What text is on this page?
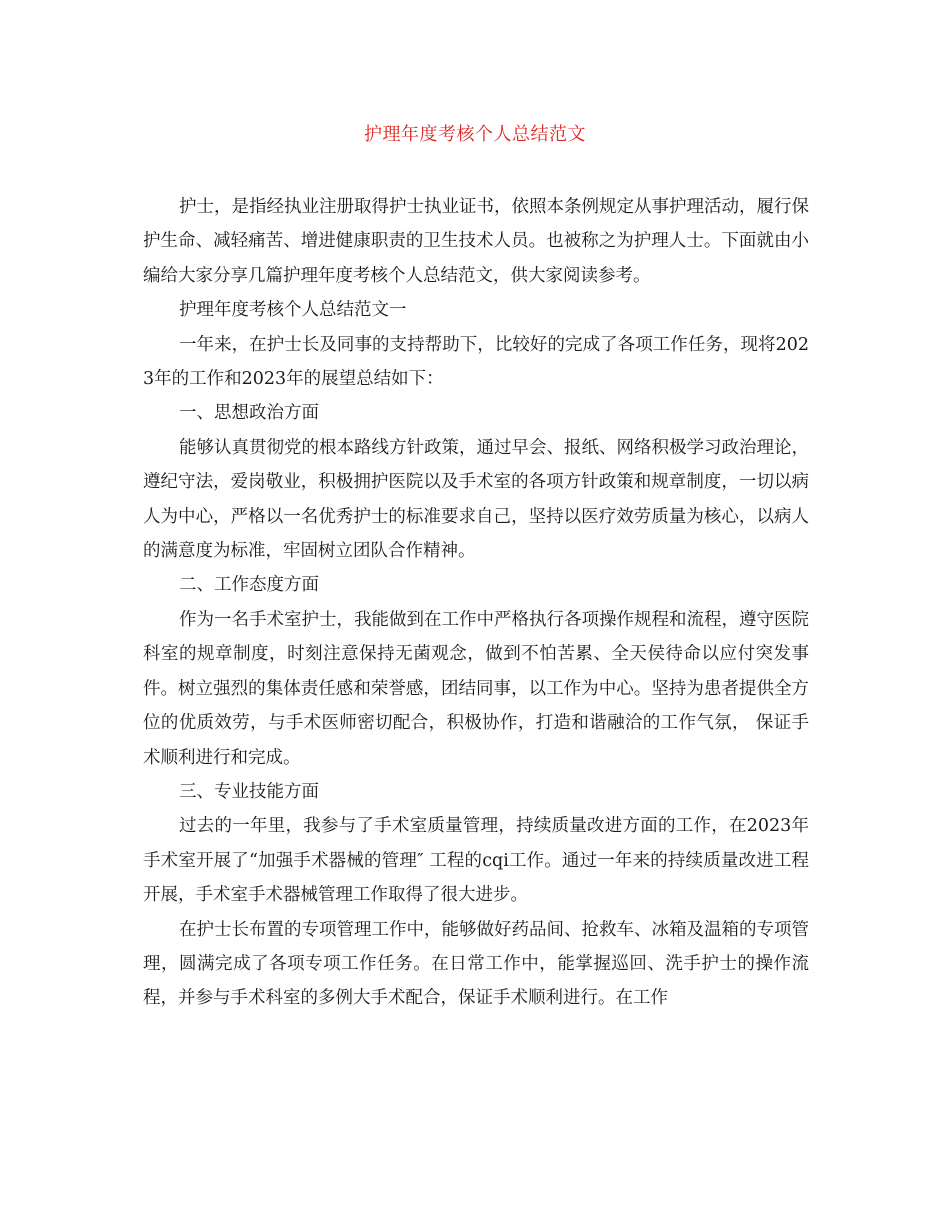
护理年度考核个人总结范文

护士，是指经执业注册取得护士执业证书，依照本条例规定从事护理活动，履行保护生命、减轻痛苦、增进健康职责的卫生技术人员。也被称之为护理人士。下面就由小编给大家分享几篇护理年度考核个人总结范文，供大家阅读参考。

护理年度考核个人总结范文一

一年来，在护士长及同事的支持帮助下，比较好的完成了各项工作任务，现将2023年的工作和2023年的展望总结如下：

一、思想政治方面

能够认真贯彻党的根本路线方针政策，通过早会、报纸、网络积极学习政治理论，遵纪守法，爱岗敬业，积极拥护医院以及手术室的各项方针政策和规章制度，一切以病人为中心，严格以一名优秀护士的标准要求自己，坚持以医疗效劳质量为核心，以病人的满意度为标准，牢固树立团队合作精神。

二、工作态度方面

作为一名手术室护士，我能做到在工作中严格执行各项操作规程和流程，遵守医院科室的规章制度，时刻注意保持无菌观念，做到不怕苦累、全天侯待命以应付突发事件。树立强烈的集体责任感和荣誉感，团结同事，以工作为中心。坚持为患者提供全方位的优质效劳，与手术医师密切配合，积极协作，打造和谐融洽的工作气氛， 保证手术顺利进行和完成。

三、专业技能方面

过去的一年里，我参与了手术室质量管理，持续质量改进方面的工作，在2023年手术室开展了“加强手术器械的管理″ 工程的cqi工作。通过一年来的持续质量改进工程开展，手术室手术器械管理工作取得了很大进步。

在护士长布置的专项管理工作中，能够做好药品间、抢救车、冰箱及温箱的专项管理，圆满完成了各项专项工作任务。在日常工作中，能掌握巡回、洗手护士的操作流程，并参与手术科室的多例大手术配合，保证手术顺利进行。在工作
